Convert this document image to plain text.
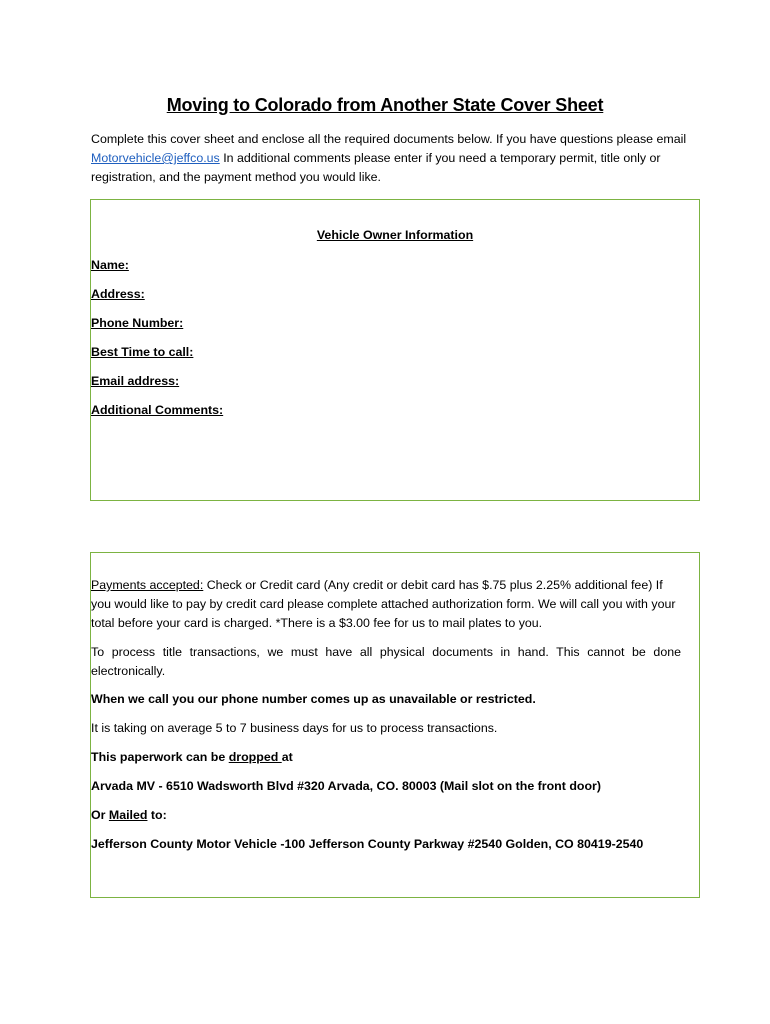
Moving to Colorado from Another State Cover Sheet
Complete this cover sheet and enclose all the required documents below. If you have questions please email Motorvehicle@jeffco.us In additional comments please enter if you need a temporary permit, title only or registration, and the payment method you would like.
Vehicle Owner Information
Name:
Address:
Phone Number:
Best Time to call:
Email address:
Additional Comments:
Payments accepted: Check or Credit card (Any credit or debit card has $.75 plus 2.25% additional fee) If you would like to pay by credit card please complete attached authorization form. We will call you with your total before your card is charged. *There is a $3.00 fee for us to mail plates to you.
To process title transactions, we must have all physical documents in hand. This cannot be done electronically.
When we call you our phone number comes up as unavailable or restricted.
It is taking on average 5 to 7 business days for us to process transactions.
This paperwork can be dropped at
Arvada MV - 6510 Wadsworth Blvd #320 Arvada, CO. 80003 (Mail slot on the front door)
Or Mailed to:
Jefferson County Motor Vehicle -100 Jefferson County Parkway #2540 Golden, CO 80419-2540
